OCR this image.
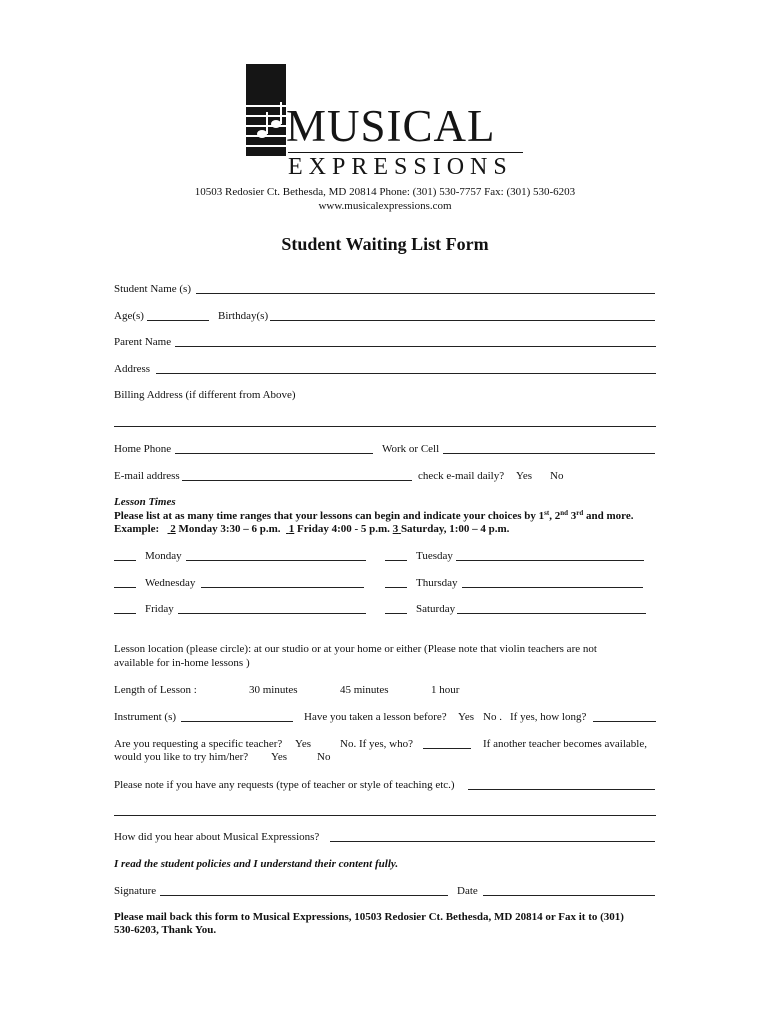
MUSICAL
EXPRESSIONS
10503 Redosier Ct. Bethesda, MD 20814 Phone: (301) 530-7757 Fax: (301) 530-6203
www.musicalexpressions.com
Student Waiting List Form
Student Name (s)
Age(s)	Birthday(s)
Parent Name
Address
Billing Address (if different from Above)
Home Phone	Work or Cell
E-mail address	check e-mail daily? Yes No
Lesson Times
Please list at as many time ranges that your lessons can begin and indicate your choices by 1st, 2nd 3rd and more.
Example: 2 Monday 3:30 – 6 p.m. 1 Friday 4:00 - 5 p.m. 3 Saturday, 1:00 – 4 p.m.
Monday	Tuesday
Wednesday	Thursday
Friday	Saturday
Lesson location (please circle): at our studio or at your home or either (Please note that violin teachers are not
available for in-home lessons )
Length of Lesson :	30 minutes	45 minutes	1 hour
Instrument (s)	Have you taken a lesson before? Yes No . If yes, how long?
Are you requesting a specific teacher? Yes	No. If yes, who?	If another teacher becomes available,
would you like to try him/her? Yes	No
Please note if you have any requests (type of teacher or style of teaching etc.)
How did you hear about Musical Expressions?
I read the student policies and I understand their content fully.
Signature	Date
Please mail back this form to Musical Expressions, 10503 Redosier Ct. Bethesda, MD 20814 or Fax it to (301)
530-6203, Thank You.
